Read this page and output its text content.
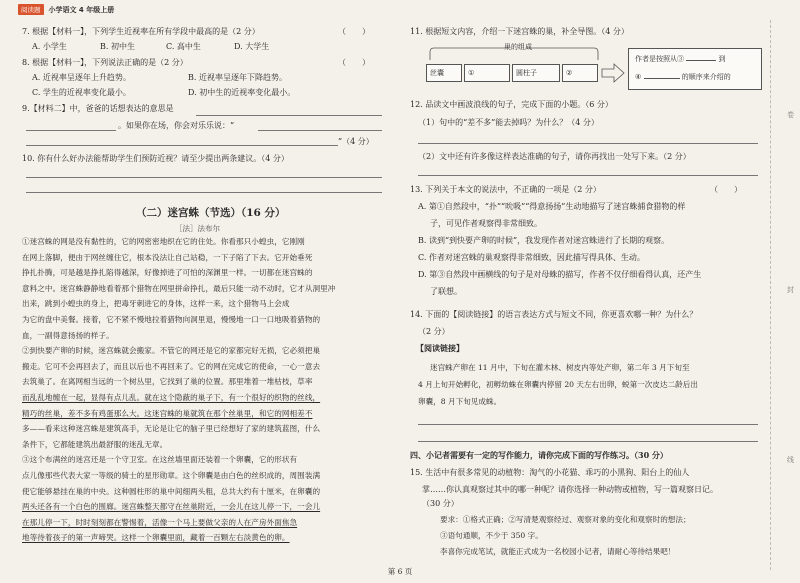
阅读题	小学语文 4 年级上册
7. 根据【材料一】，下列学生近视率在所有学段中最高的是（2 分）	（　　）
A. 小学生	B. 初中生	C. 高中生	D. 大学生
8. 根据【材料一】，下列说法正确的是（2 分）	（　　）
A. 近视率呈逐年上升趋势。	B. 近视率呈逐年下降趋势。
C. 学生的近视率变化最小。	D. 初中生的近视率变化最小。
9.【材料二】中，爸爸的话想表达的意思是
。如果你在场，你会对乐乐说：“
”（4 分）
10. 你有什么好办法能帮助学生们预防近视？请至少提出两条建议。（4 分）
（二）迷宫蛛（节选）（16 分）
［法］法布尔

①迷宫蛛的网是没有黏性的，它的网密密地织在它的住处。你看那只小蝗虫，它刚刚

在网上落脚，便由于网丝缠住它，根本没法让自己站稳，一下子陷了下去。它开始垂死

挣扎扑腾，可是越是挣扎陷得越深，好像掉进了可怕的深渊里一样。一切都在迷宫蛛的

意料之中。迷宫蛛静静地看着那个猎物在网里拼命挣扎，最后只能一动不动时，它才从洞里冲

出来，跳到小蝗虫的身上，把毒牙刺进它的身体，这样一来，这个猎物马上会成

为它的盘中美餐。接着，它不紧不慢地拉着猎物向洞里退，慢慢地一口一口地吸着猎物的

血，一副得意扬扬的样子。

②到快要产卵的时候，迷宫蛛就会搬家。不管它的网还是它的家都完好无损，它必须把巢

搬走。它可不会再回去了，而且以后也不再回来了。它的网在完成它的使命，一心一意去

去筑巢了。在离网相当远的一个树丛里，它找到了巢的位置。那里堆着一堆枯枝，草率

而乱乱地缠在一起，显得有点儿乱。就在这个隐蔽的巢子下，有一个很好的织物的丝线，

精巧的丝巢，差不多有鸡蛋那么大。这迷宫蛛的巢就筑在那个丝巢里，和它的网相差不

多——看来这种迷宫蛛是建筑高手，无论是让它的脑子里已经想好了家的建筑蓝图，什么

条件下，它都能建筑出最舒服的迷乱无章。

③这个布满丝的迷宫还是一个守卫室。在这丝墙里面还装着一个卵囊，它的形状有

点儿像那些代表大家一等级的骑士的星形勋章。这个卵囊是由白色的丝织成的，周围装满

使它能够悬挂在巢的中央。这种圆柱形的巢中间细两头粗，总共大约有十厘米，在卵囊的

两头还各有一个白色的围廊。迷宫蛛整天都守在丝巢附近，一会儿在这儿停一下，一会儿

在那儿停一下，时时刻刻都在警惕着，活像一个马上要做父亲的人在产房外面焦急

地等待着孩子的第一声啼哭。这样一个卵囊里面，藏着一百颗左右淡黄色的卵。

11. 根据短文内容，介绍一下迷宫蛛的巢，补全导图。（4 分）
巢的组成
丝囊	①	圆柱子	②
作者是按照从③	到
④	的顺序来介绍的
12. 品读文中画波浪线的句子，完成下面的小题。（6 分）
（1）句中的“差不多”能去掉吗？为什么？（4 分）
（2）文中还有许多像这样表达准确的句子，请你再找出一处写下来。（2 分）
13. 下列关于本文的说法中，不正确的一项是（2 分）	（　　）
A. 第①自然段中，“扑”“吮吸”“得意扬扬”生动地描写了迷宫蛛捕食猎物的样
子，可见作者观察得非常细致。
B. 读到“到快要产卵的时候”，我发现作者对迷宫蛛进行了长期的观察。
C. 作者对迷宫蛛的巢观察得非常细致，因此描写得具体、生动。
D. 第③自然段中画横线的句子是对母蛛的描写，作者不仅仔细看得认真，还产生
了联想。
14. 下面的【阅读链接】的语言表达方式与短文不同，你更喜欢哪一种？为什么？
（2 分）
【阅读链接】
迷宫蛛产卵在 11 月中，下旬在灌木林、树皮内等处产卵，第二年 3 月下旬至
4 月上旬开始孵化，初孵幼蛛在卵囊内停留 20 天左右出卵，蜕第一次皮达二龄后出
卵囊，8 月下旬见成蛛。
四、小记者需要有一定的写作能力，请你完成下面的写作练习。（30 分）
15. 生活中有很多常见的动植物：淘气的小花猫、乖巧的小黑狗、阳台上的仙人
掌……你认真观察过其中的哪一种呢？请你选择一种动物或植物，写一篇观察日记。
（30 分）
要求：①格式正确；②写清楚观察经过、观察对象的变化和观察时的想法；
③语句通顺，不少于 350 字。
李喜你完成笔试，就能正式成为一名校园小记者，请耐心等待结果吧！
卷
封
线
第 6 页
